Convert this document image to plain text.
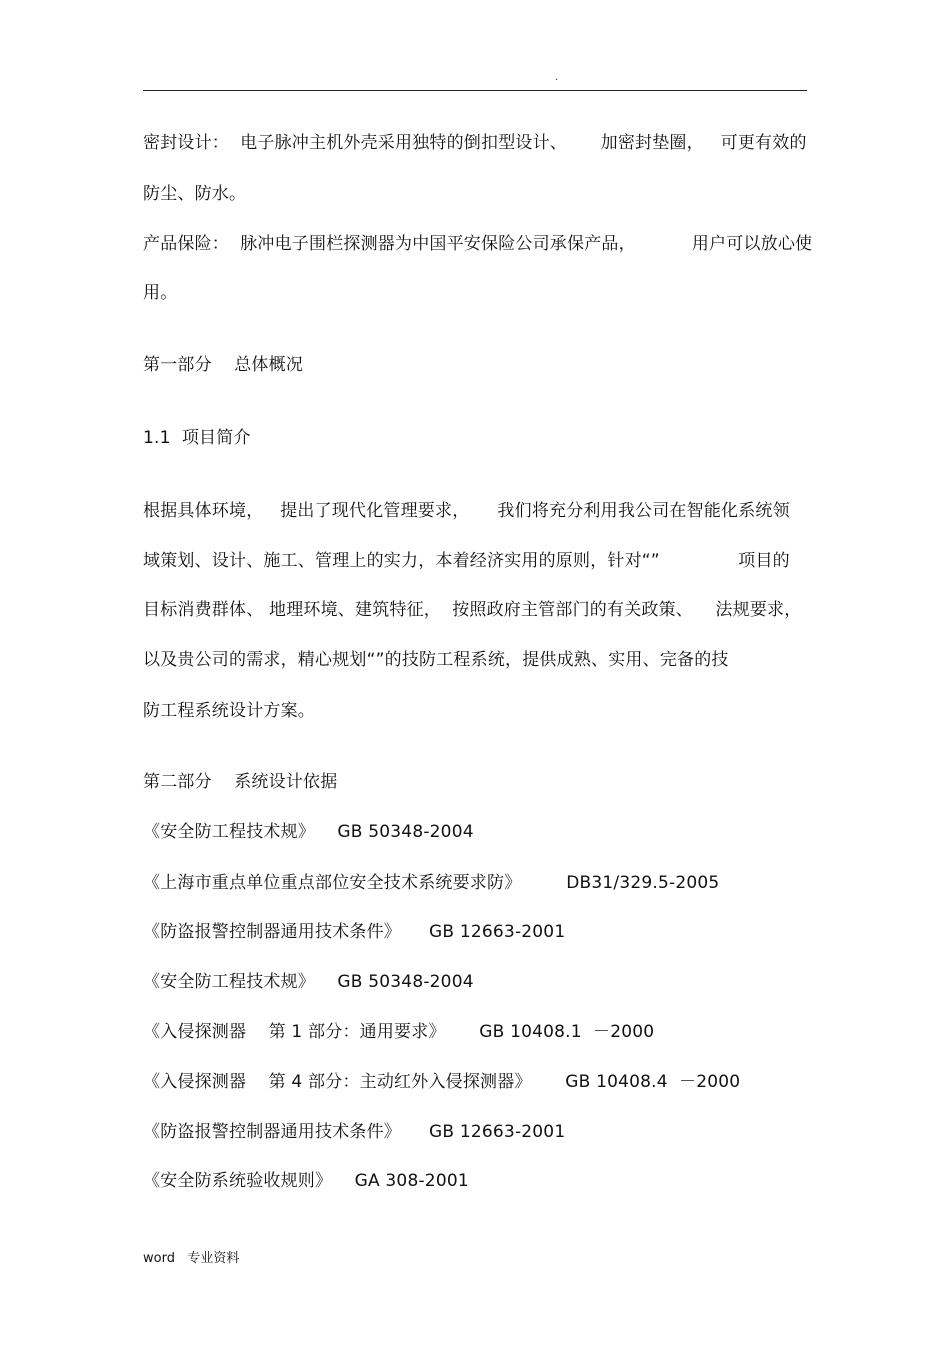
.
密封设计：  电子脉冲主机外壳采用独特的倒扣型设计、      加密封垫圈，   可更有效的
防尘、防水。
产品保险：  脉冲电子围栏探测器为中国平安保险公司承保产品，          用户可以放心使
用。
第一部分    总体概况
1.1  项目简介
根据具体环境，   提出了现代化管理要求，     我们将充分利用我公司在智能化系统领
域策划、设计、施工、管理上的实力，本着经济实用的原则，针对“”              项目的
目标消费群体、 地理环境、建筑特征，  按照政府主管部门的有关政策、    法规要求，
以及贵公司的需求，精心规划“”的技防工程系统，提供成熟、实用、完备的技
防工程系统设计方案。
第二部分    系统设计依据
《安全防工程技术规》    GB 50348-2004
《上海市重点单位重点部位安全技术系统要求防》        DB31/329.5-2005
《防盗报警控制器通用技术条件》     GB 12663-2001
《安全防工程技术规》    GB 50348-2004
《入侵探测器    第 1 部分：通用要求》      GB 10408.1  －2000
《入侵探测器    第 4 部分：主动红外入侵探测器》      GB 10408.4  －2000
《防盗报警控制器通用技术条件》     GB 12663-2001
《安全防系统验收规则》    GA 308-2001
word   专业资料
